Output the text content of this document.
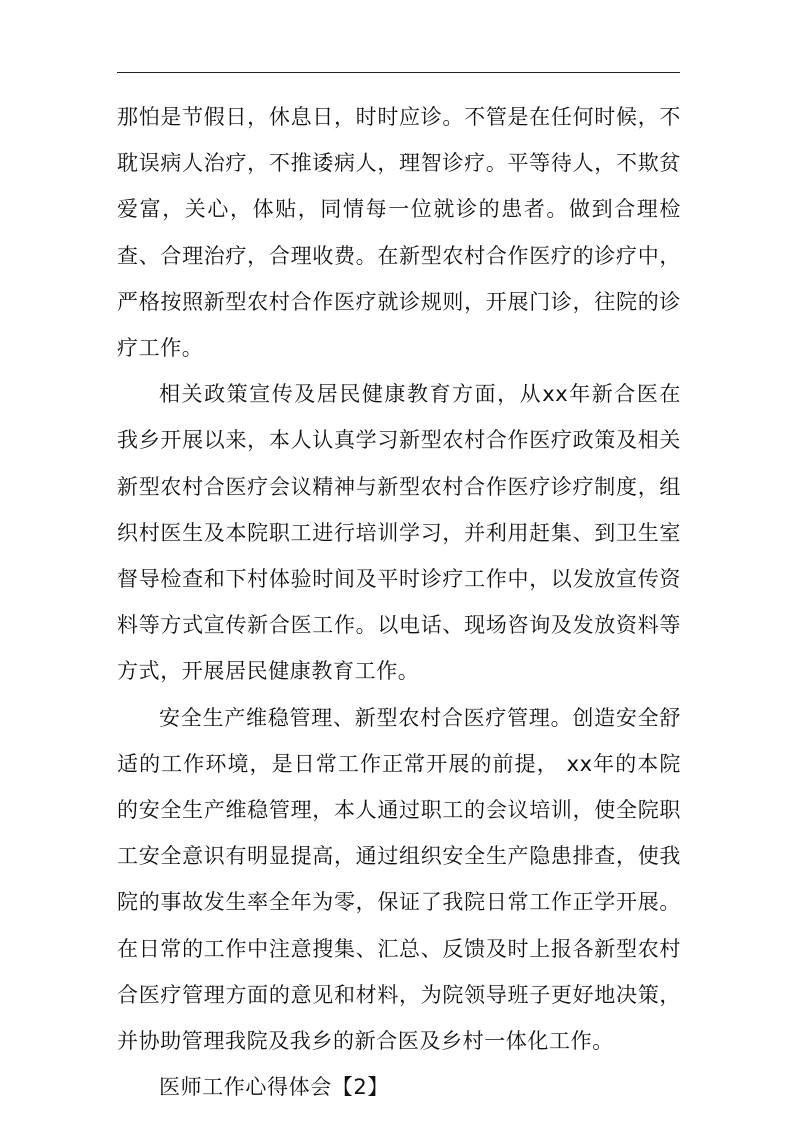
那怕是节假日，休息日，时时应诊。不管是在任何时候，不耽误病人治疗，不推诿病人，理智诊疗。平等待人，不欺贫爱富，关心，体贴，同情每一位就诊的患者。做到合理检查、合理治疗，合理收费。在新型农村合作医疗的诊疗中，严格按照新型农村合作医疗就诊规则，开展门诊，往院的诊疗工作。

相关政策宣传及居民健康教育方面，从xx年新合医在我乡开展以来，本人认真学习新型农村合作医疗政策及相关新型农村合医疗会议精神与新型农村合作医疗诊疗制度，组织村医生及本院职工进行培训学习，并利用赶集、到卫生室督导检查和下村体验时间及平时诊疗工作中，以发放宣传资料等方式宣传新合医工作。以电话、现场咨询及发放资料等方式，开展居民健康教育工作。

安全生产维稳管理、新型农村合医疗管理。创造安全舒适的工作环境，是日常工作正常开展的前提， xx年的本院的安全生产维稳管理，本人通过职工的会议培训，使全院职工安全意识有明显提高，通过组织安全生产隐患排查，使我院的事故发生率全年为零，保证了我院日常工作正学开展。在日常的工作中注意搜集、汇总、反馈及时上报各新型农村合医疗管理方面的意见和材料，为院领导班子更好地决策，并协助管理我院及我乡的新合医及乡村一体化工作。

医师工作心得体会【2】
